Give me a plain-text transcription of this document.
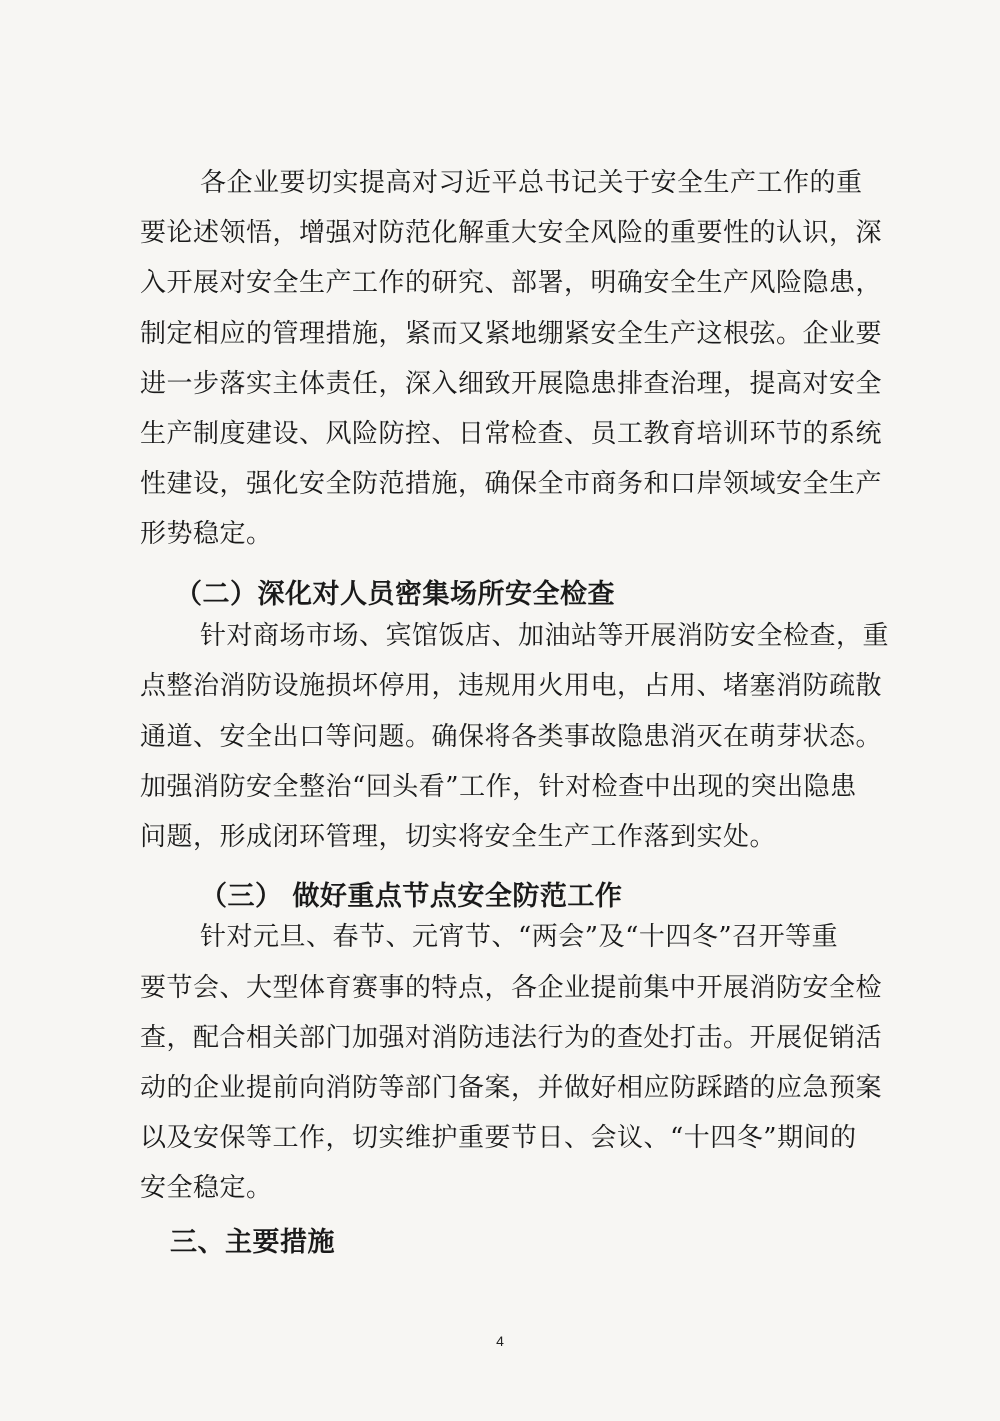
各企业要切实提高对习近平总书记关于安全生产工作的重
要论述领悟，增强对防范化解重大安全风险的重要性的认识，深
入开展对安全生产工作的研究、部署，明确安全生产风险隐患，
制定相应的管理措施，紧而又紧地绷紧安全生产这根弦。企业要
进一步落实主体责任，深入细致开展隐患排查治理，提高对安全
生产制度建设、风险防控、日常检查、员工教育培训环节的系统
性建设，强化安全防范措施，确保全市商务和口岸领域安全生产
形势稳定。
（二）深化对人员密集场所安全检查
针对商场市场、宾馆饭店、加油站等开展消防安全检查，重
点整治消防设施损坏停用，违规用火用电，占用、堵塞消防疏散
通道、安全出口等问题。确保将各类事故隐患消灭在萌芽状态。
加强消防安全整治“回头看”工作，针对检查中出现的突出隐患
问题，形成闭环管理，切实将安全生产工作落到实处。
（三） 做好重点节点安全防范工作
针对元旦、春节、元宵节、“两会”及“十四冬”召开等重
要节会、大型体育赛事的特点，各企业提前集中开展消防安全检
查，配合相关部门加强对消防违法行为的查处打击。开展促销活
动的企业提前向消防等部门备案，并做好相应防踩踏的应急预案
以及安保等工作，切实维护重要节日、会议、“十四冬”期间的
安全稳定。
三、主要措施
4
